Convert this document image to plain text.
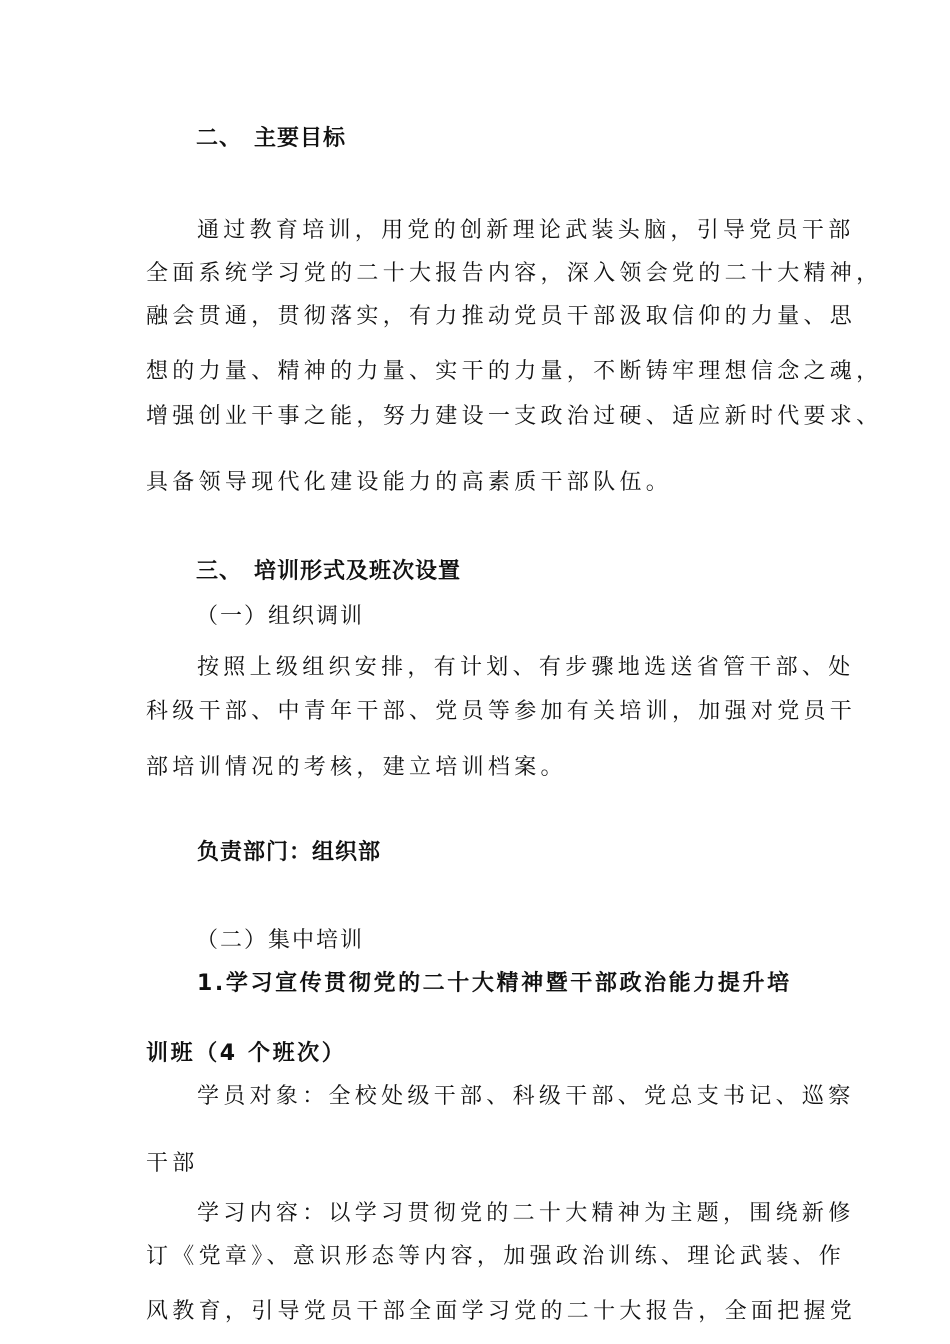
二、 主要目标
通过教育培训，用党的创新理论武装头脑，引导党员干部
全面系统学习党的二十大报告内容，深入领会党的二十大精神，
融会贯通，贯彻落实，有力推动党员干部汲取信仰的力量、思
想的力量、精神的力量、实干的力量，不断铸牢理想信念之魂，
增强创业干事之能，努力建设一支政治过硬、适应新时代要求、
具备领导现代化建设能力的高素质干部队伍。
三、 培训形式及班次设置
（一）组织调训
按照上级组织安排，有计划、有步骤地选送省管干部、处
科级干部、中青年干部、党员等参加有关培训，加强对党员干
部培训情况的考核，建立培训档案。
负责部门：组织部
（二）集中培训
1.学习宣传贯彻党的二十大精神暨干部政治能力提升培
训班（4 个班次）
学员对象：全校处级干部、科级干部、党总支书记、巡察
干部
学习内容：以学习贯彻党的二十大精神为主题，围绕新修
订《党章》、意识形态等内容，加强政治训练、理论武装、作
风教育，引导党员干部全面学习党的二十大报告，全面把握党
